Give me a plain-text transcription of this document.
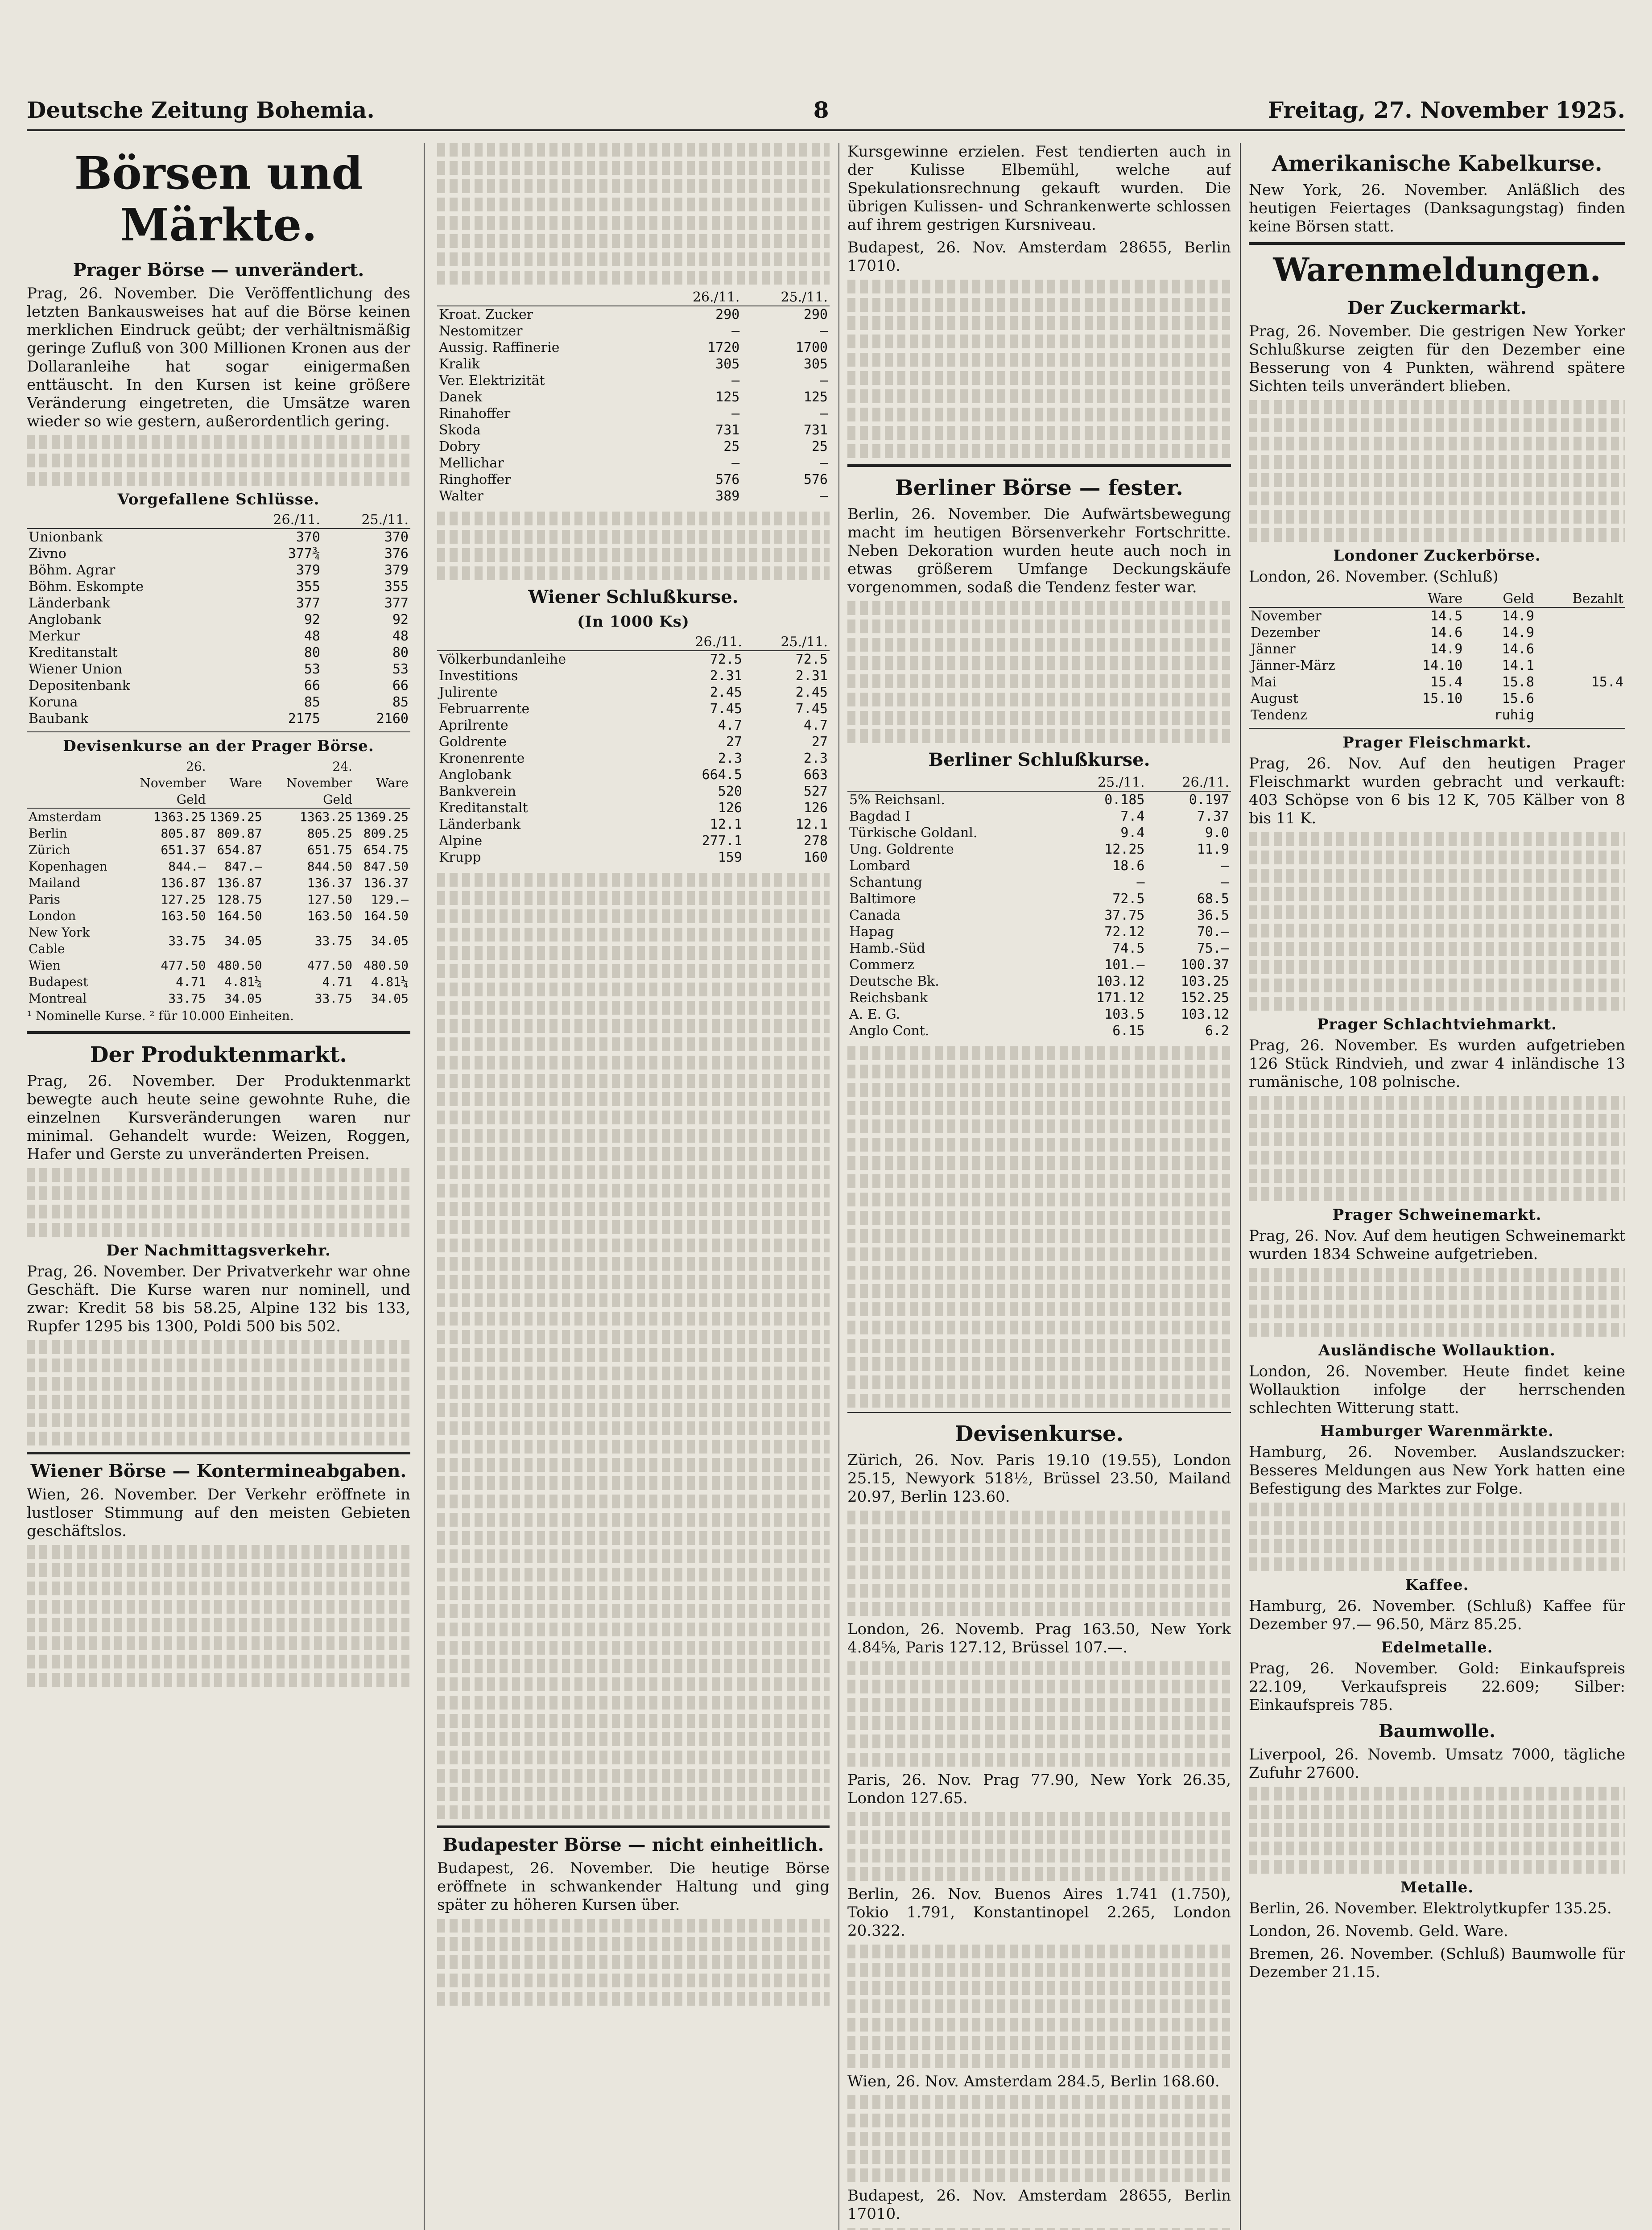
Deutsche Zeitung Bohemia.	8	Freitag, 27. November 1925.
Börsen und Märkte.
Prager Börse — unverändert.

Prag, 26. November. Die Veröffentlichung des letzten Bankausweises hat auf die Börse keinen merklichen Eindruck geübt; der verhältnismäßig geringe Zufluß von 300 Millionen Kronen aus der Dollaranleihe hat sogar einigermaßen enttäuscht. In den Kursen ist keine größere Veränderung eingetreten, die Umsätze waren wieder so wie gestern, außerordentlich gering.

Vorgefallene Schlüsse.
	26./11.	25./11.
Unionbank	370	370
Zivno	377¾	376
Böhm. Agrar	379	379
Böhm. Eskompte	355	355
Länderbank	377	377
Anglobank	92	92
Merkur	48	48
Kreditanstalt	80	80
Wiener Union	53	53
Depositenbank	66	66
Koruna	85	85
Baubank	2175	2160
Devisenkurse an der Prager Börse.
	26. November Geld	Ware	24. November Geld	Ware
Amsterdam	1363.25	1369.25	1363.25	1369.25
Berlin	805.87	809.87	805.25	809.25
Zürich	651.37	654.87	651.75	654.75
Kopenhagen	844.—	847.—	844.50	847.50
Mailand	136.87	136.87	136.37	136.37
Paris	127.25	128.75	127.50	129.—
London	163.50	164.50	163.50	164.50
New York Cable	33.75	34.05	33.75	34.05
Wien	477.50	480.50	477.50	480.50
Budapest	4.71	4.81¼	4.71	4.81¼
Montreal	33.75	34.05	33.75	34.05

¹ Nominelle Kurse. ² für 10.000 Einheiten.

Der Produktenmarkt.

Prag, 26. November. Der Produktenmarkt bewegte auch heute seine gewohnte Ruhe, die einzelnen Kursveränderungen waren nur minimal. Gehandelt wurde: Weizen, Roggen, Hafer und Gerste zu unveränderten Preisen.

Der Nachmittagsverkehr.

Prag, 26. November. Der Privatverkehr war ohne Geschäft. Die Kurse waren nur nominell, und zwar: Kredit 58 bis 58.25, Alpine 132 bis 133, Rupfer 1295 bis 1300, Poldi 500 bis 502.

Wiener Börse — Kontermineabgaben.

Wien, 26. November. Der Verkehr eröffnete in lustloser Stimmung auf den meisten Gebieten geschäftslos.

	26./11.	25./11.
Kroat. Zucker	290	290
Nestomitzer	—	—
Aussig. Raffinerie	1720	1700
Kralik	305	305
Ver. Elektrizität	—	—
Danek	125	125
Rinahoffer	—	—
Skoda	731	731
Dobry	25	25
Mellichar	—	—
Ringhoffer	576	576
Walter	389	—
Wiener Schlußkurse.
(In 1000 Ks)
	26./11.	25./11.
Völkerbundanleihe	72.5	72.5
Investitions	2.31	2.31
Julirente	2.45	2.45
Februarrente	7.45	7.45
Aprilrente	4.7	4.7
Goldrente	27	27
Kronenrente	2.3	2.3
Anglobank	664.5	663
Bankverein	520	527
Kreditanstalt	126	126
Länderbank	12.1	12.1
Alpine	277.1	278
Krupp	159	160
Budapester Börse — nicht einheitlich.

Budapest, 26. November. Die heutige Börse eröffnete in schwankender Haltung und ging später zu höheren Kursen über.

Kursgewinne erzielen. Fest tendierten auch in der Kulisse Elbemühl, welche auf Spekulationsrechnung gekauft wurden. Die übrigen Kulissen- und Schrankenwerte schlossen auf ihrem gestrigen Kursniveau.

Budapest, 26. Nov. Amsterdam 28655, Berlin 17010.

Berliner Börse — fester.

Berlin, 26. November. Die Aufwärtsbewegung macht im heutigen Börsenverkehr Fortschritte. Neben Dekoration wurden heute auch noch in etwas größerem Umfange Deckungskäufe vorgenommen, sodaß die Tendenz fester war.

Berliner Schlußkurse.
	25./11.	26./11.
5% Reichsanl.	0.185	0.197
Bagdad I	7.4	7.37
Türkische Goldanl.	9.4	9.0
Ung. Goldrente	12.25	11.9
Lombard	18.6	—
Schantung	—	—
Baltimore	72.5	68.5
Canada	37.75	36.5
Hapag	72.12	70.—
Hamb.-Süd	74.5	75.—
Commerz	101.—	100.37
Deutsche Bk.	103.12	103.25
Reichsbank	171.12	152.25
A. E. G.	103.5	103.12
Anglo Cont.	6.15	6.2
Devisenkurse.

Zürich, 26. Nov. Paris 19.10 (19.55), London 25.15, Newyork 518½, Brüssel 23.50, Mailand 20.97, Berlin 123.60.

London, 26. Novemb. Prag 163.50, New York 4.84⅝, Paris 127.12, Brüssel 107.—.

Paris, 26. Nov. Prag 77.90, New York 26.35, London 127.65.

Berlin, 26. Nov. Buenos Aires 1.741 (1.750), Tokio 1.791, Konstantinopel 2.265, London 20.322.

Wien, 26. Nov. Amsterdam 284.5, Berlin 168.60.

Budapest, 26. Nov. Amsterdam 28655, Berlin 17010.

Amerikanische Kabelkurse.

New York, 26. November. Anläßlich des heutigen Feiertages (Danksagungstag) finden keine Börsen statt.

Warenmeldungen.
Der Zuckermarkt.

Prag, 26. November. Die gestrigen New Yorker Schlußkurse zeigten für den Dezember eine Besserung von 4 Punkten, während spätere Sichten teils unverändert blieben.

Londoner Zuckerbörse.

London, 26. November. (Schluß)

	Ware	Geld	Bezahlt
November	14.5	14.9	
Dezember	14.6	14.9	
Jänner	14.9	14.6	
Jänner-März	14.10	14.1	
Mai	15.4	15.8	15.4
August	15.10	15.6	
Tendenz		ruhig	
Prager Fleischmarkt.

Prag, 26. Nov. Auf den heutigen Prager Fleischmarkt wurden gebracht und verkauft: 403 Schöpse von 6 bis 12 K, 705 Kälber von 8 bis 11 K.

Prager Schlachtviehmarkt.

Prag, 26. November. Es wurden aufgetrieben 126 Stück Rindvieh, und zwar 4 inländische 13 rumänische, 108 polnische.

Prager Schweinemarkt.

Prag, 26. Nov. Auf dem heutigen Schweinemarkt wurden 1834 Schweine aufgetrieben.

Ausländische Wollauktion.

London, 26. November. Heute findet keine Wollauktion infolge der herrschenden schlechten Witterung statt.

Hamburger Warenmärkte.

Hamburg, 26. November. Auslandszucker: Besseres Meldungen aus New York hatten eine Befestigung des Marktes zur Folge.

Kaffee.

Hamburg, 26. November. (Schluß) Kaffee für Dezember 97.— 96.50, März 85.25.

Edelmetalle.

Prag, 26. November. Gold: Einkaufspreis 22.109, Verkaufspreis 22.609; Silber: Einkaufspreis 785.

Baumwolle.

Liverpool, 26. Novemb. Umsatz 7000, tägliche Zufuhr 27600.

Metalle.

Berlin, 26. November. Elektrolytkupfer 135.25.

London, 26. Novemb. Geld. Ware.

Bremen, 26. November. (Schluß) Baumwolle für Dezember 21.15.
